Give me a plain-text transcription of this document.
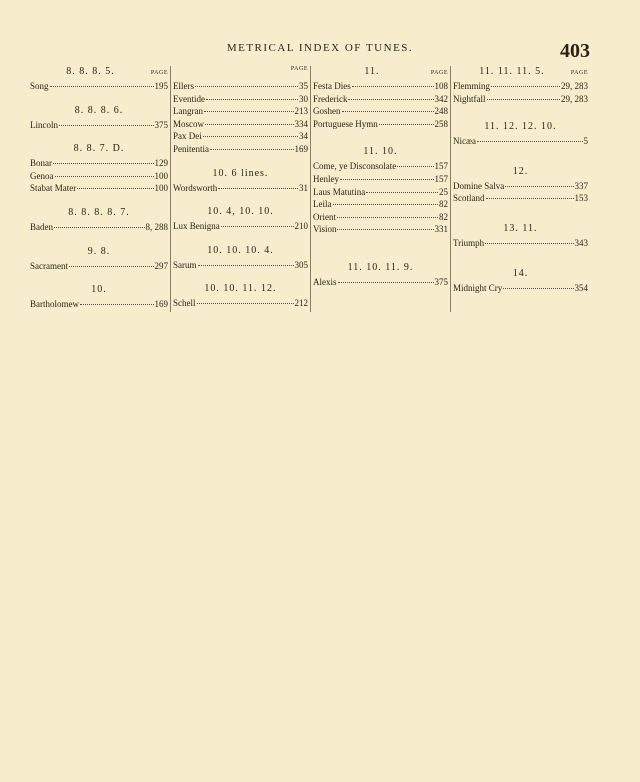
METRICAL INDEX OF TUNES.	403
8. 8. 8. 5.	PAGE
Song	195
8. 8. 8. 6.
Lincoln	375
8. 8. 7. D.
Bonar	129
Genoa	100
Stabat Mater	100
8. 8. 8. 8. 7.
Baden	8, 288
9. 8.
Sacrament	297
10.
Bartholomew	169
PAGE
Ellers	35
Eventide	30
Langran	213
Moscow	334
Pax Dei	34
Penitentia	169
10. 6 lines.
Wordsworth	31
10. 4, 10. 10.
Lux Benigna	210
10. 10. 10. 4.
Sarum	305
10. 10. 11. 12.
Schell	212
11.	PAGE
Festa Dies	108
Frederick	342
Goshen	248
Portuguese Hymn	258
11. 10.
Come, ye Disconsolate	157
Henley	157
Laus Matutina	25
Leila	82
Orient	82
Vision	331
11. 10. 11. 9.
Alexis	375
11. 11. 11. 5.	PAGE
Flemming	29, 283
Nightfall	29, 283
11. 12. 12. 10.
Nicæa	5
12.
Domine Salva	337
Scotland	153
13. 11.
Triumph	343
14.
Midnight Cry	354
